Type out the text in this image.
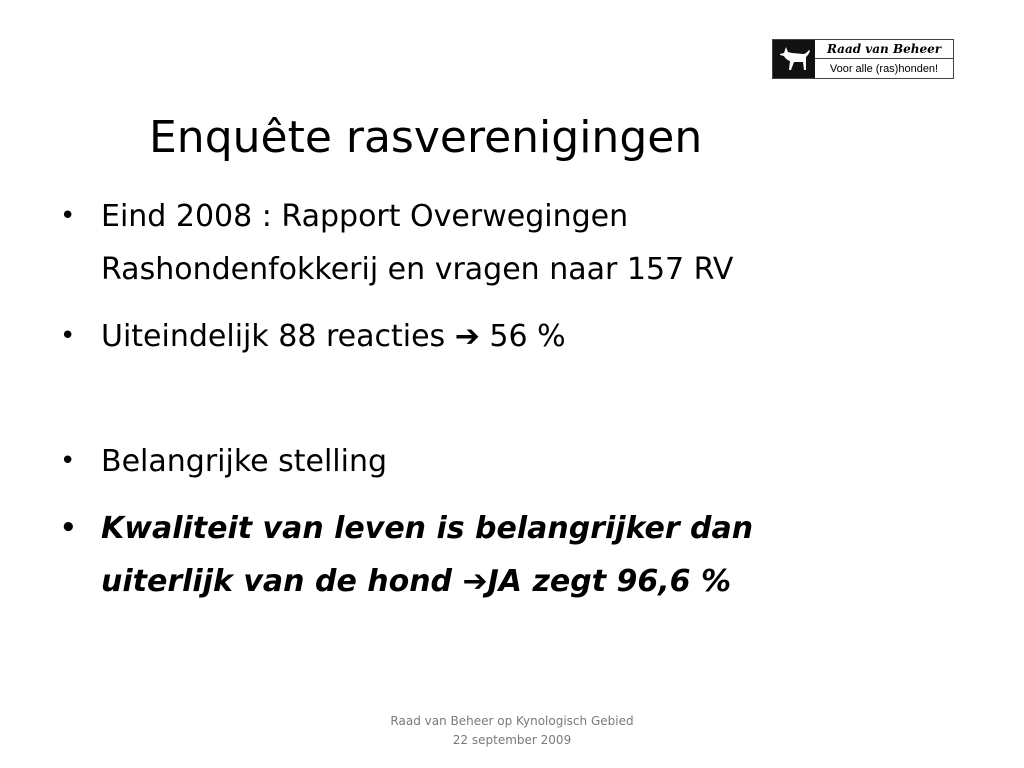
Raad van Beheer
Voor alle (ras)honden!
Enquête rasverenigingen
• Eind 2008 : Rapport Overwegingen
Rashondenfokkerij en vragen naar 157 RV
• Uiteindelijk 88 reacties ➔ 56 %
• Belangrijke stelling
• Kwaliteit van leven is belangrijker dan
uiterlijk van de hond ➔JA zegt 96,6 %
Raad van Beheer op Kynologisch Gebied
22 september 2009
